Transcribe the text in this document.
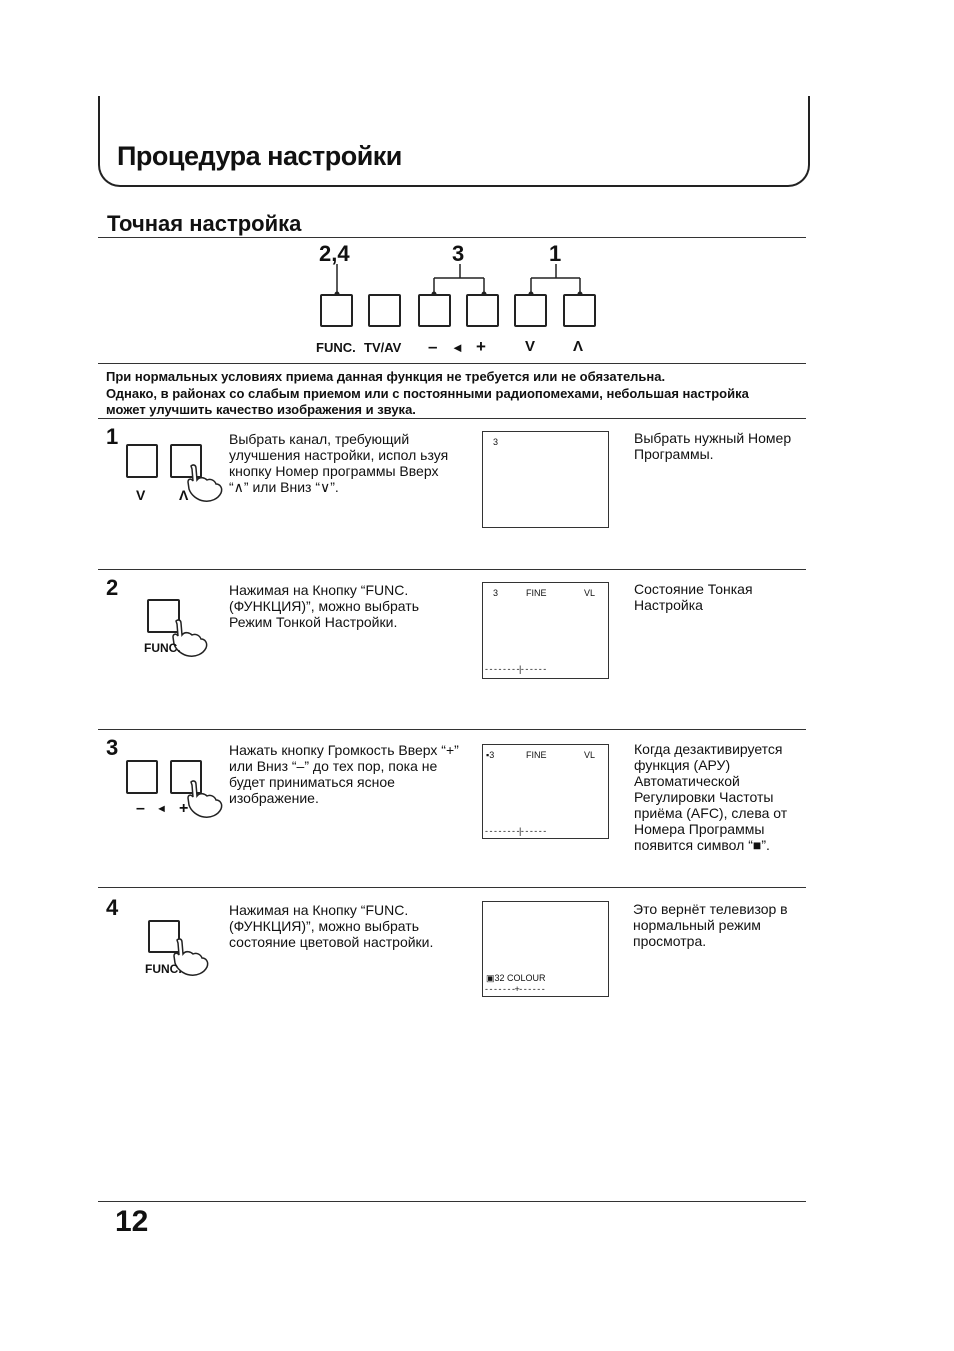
Процедура настройки
Точная настройка
2,4	3	1
FUNC. TV/AV – ◄ +	V	Λ
При нормальных условиях приема данная функция не требуется или не обязательна.
Однако, в районах со слабым приемом или с постоянными радиопомехами, небольшая настройка
может улучшить качество изображения и звука.
1
V Λ
Выбрать канал, требующий улучшения настройки, испол ьзуя кнопку Номер программы Вверх “∧” или Вниз “∨”.
3	Выбрать нужный Номер Программы.
2
FUNC.
Нажимая на Кнопку “FUNC. (ФУНКЦИЯ)”, можно выбрать Режим Тонкой Настройки.
3	FINE	VL
- - - - - - - -|- - - - - -
Состояние Тонкая Настройка
3
– ◄ +
Нажать кнопку Громкость Вверх “+” или Вниз “–” до тех пор, пока не будет приниматься ясное изображение.
▪3	FINE	VL
- - - - - - - -|- - - - - -
Когда дезактивируется функция (АРУ) Автоматической Регулировки Частоты приёма (AFC), слева от Номера Программы появится символ “■”.
4
FUNC.
Нажимая на Кнопку “FUNC. (ФУНКЦИЯ)”, можно выбрать состояние цветовой настройки.
▣32 COLOUR
- - - - - - -+- - - - - -
Это вернёт телевизор в нормальный режим просмотра.
12
